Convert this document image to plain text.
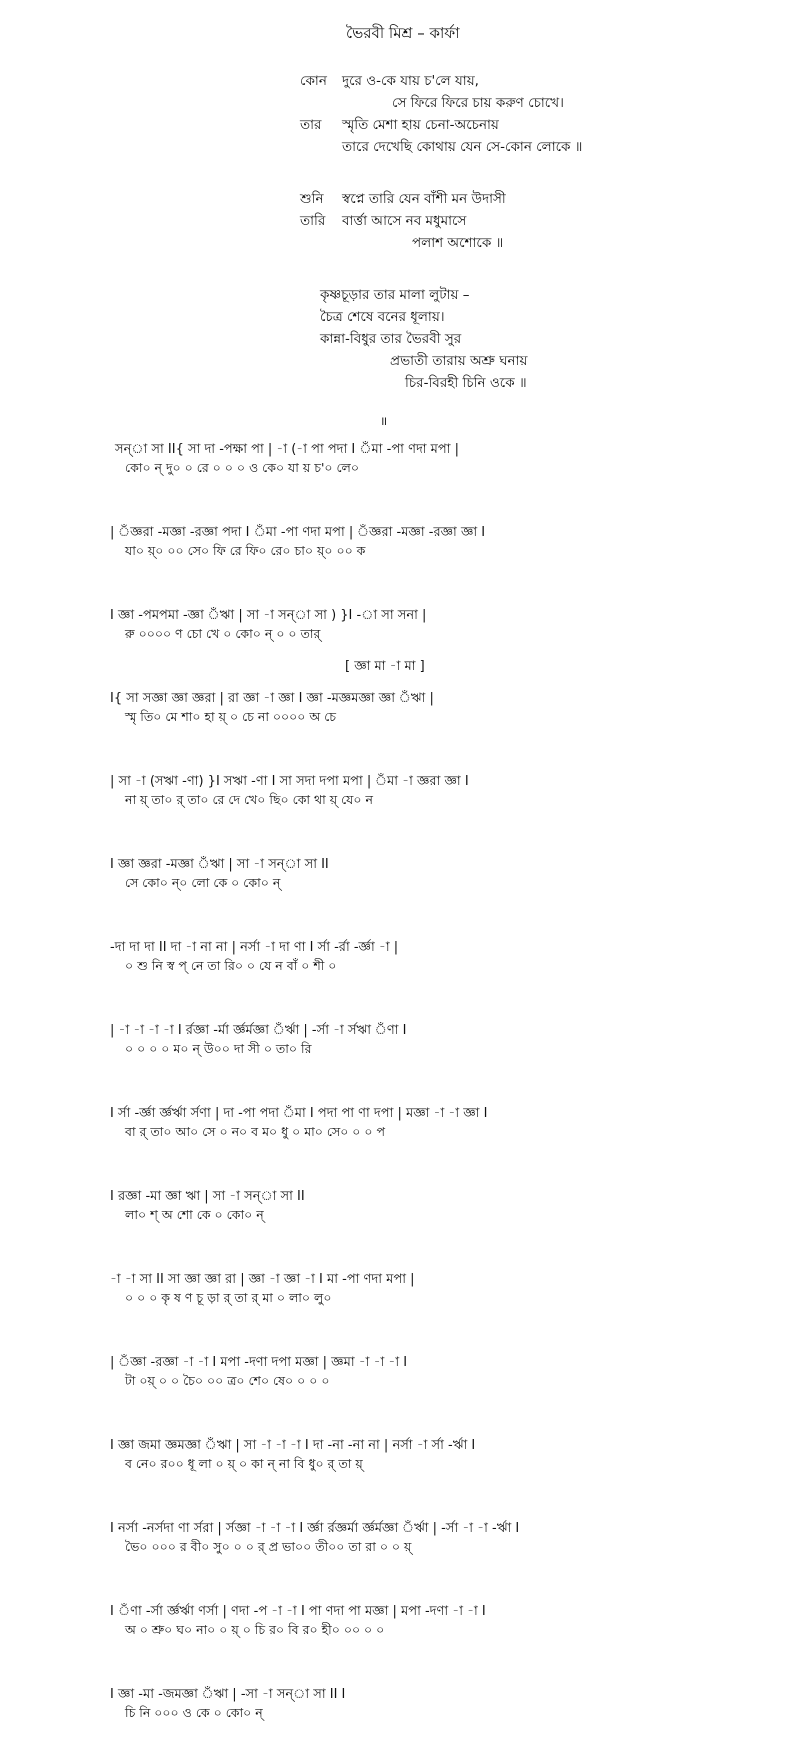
ভৈরবী মিশ্র – কার্ফা
কোন	দুরে ও-কে যায় চ'লে যায়,
সে ফিরে ফিরে চায় করুণ চোখে।
তার	স্মৃতি মেশা হায় চেনা-অচেনায়
তারে দেখেছি কোথায় যেন সে-কোন লোকে ॥
শুনি	স্বপ্নে তারি যেন বাঁশী মন উদাসী
তারি	বার্ত্তা আসে নব মধুমাসে
পলাশ অশোকে ॥
কৃষ্ণচূড়ার তার মালা লুটায় –
চৈত্র শেষে বনের ধূলায়।
কান্না-বিধুর তার ভৈরবী সুর
প্রভাতী তারায় অশ্রু ঘনায়
চির-বিরহী চিনি ওকে ॥
॥
সন্‌া সা II{ সা দা -পক্ষা পা | -া (-া পা পদা I ঁমা -পা ণদা মপা |
কো০ ন্‌ দু০ ০ রে ০ ০ ০ ও কে০ যা য় চ'০ লে০
| ঁজ্ঞরা -মজ্ঞা -রজ্ঞা পদা I ঁমা -পা ণদা মপা | ঁজ্ঞরা -মজ্ঞা -রজ্ঞা জ্ঞা I
যা০ য়্‌০ ০০ সে০ ফি রে ফি০ রে০ চা০ য়্‌০ ০০ ক
I জ্ঞা -পমপমা -জ্ঞা ঁঋা | সা -া সন্‌া সা ) }I -া সা সনা |
রু ০০০০ ণ চো খে ০ কো০ ন্‌ ০ ০ তার্‌
[ জ্ঞা মা -া মা ]
I{ সা সজ্ঞা জ্ঞা জ্ঞরা | রা জ্ঞা -া জ্ঞা I জ্ঞা -মজ্ঞমজ্ঞা জ্ঞা ঁঋা |
স্মৃ তি০ মে শা০ হা য়্‌ ০ চে না ০০০০ অ চে
| সা -া (সঋা -ণা) }I সঋা -ণা I সা সদা দপা মপা | ঁমা -া জ্ঞরা জ্ঞা I
না য়্‌ তা০ র্‌ তা০ রে দে খে০ ছি০ কো থা য়্‌ যে০ ন
I জ্ঞা জ্ঞরা -মজ্ঞা ঁঋা | সা -া সন্‌া সা II
সে কো০ ন্‌০ লো কে ০ কো০ ন্‌
-দা দা দা II দা -া না না | নর্সা -া দা ণা I র্সা -র্রা -র্জ্ঞা -া |
০ শু নি স্ব প্‌ নে তা রি০ ০ যে ন বাঁ ০ শী ০
| -া -া -া -া I র্রজ্ঞা -র্মা র্জ্ঞর্মজ্ঞা ঁর্ঋা | -র্সা -া র্সঋা ঁণা I
০ ০ ০ ০ ম০ ন্‌ উ০০ দা সী ০ তা০ রি
I র্সা -র্জ্ঞা র্জ্ঞর্ঋা র্সণা | দা -পা পদা ঁমা I পদা পা ণা দপা | মজ্ঞা -া -া জ্ঞা I
বা র্‌ তা০ আ০ সে ০ ন০ ব ম০ ধু ০ মা০ সে০ ০ ০ প
I রজ্ঞা -মা জ্ঞা ঋা | সা -া সন্‌া সা II
লা০ শ্‌ অ শো কে ০ কো০ ন্‌
-া -া সা II সা জ্ঞা জ্ঞা রা | জ্ঞা -া জ্ঞা -া I মা -পা ণদা মপা |
০ ০ ০ কৃ ষ ণ চূ ড়া র্‌ তা র্‌ মা ০ লা০ লু০
| ঁজ্ঞা -রজ্ঞা -া -া I মপা -দণা দপা মজ্ঞা | জ্ঞমা -া -া -া I
টা ০য়্‌ ০ ০ চৈ০ ০০ ত্র০ শে০ ষে০ ০ ০ ০
I জ্ঞা জমা জ্ঞমজ্ঞা ঁঋা | সা -া -া -া I দা -না -না না | নর্সা -া র্সা -র্ঋা I
ব নে০ র০০ ধূ লা ০ য়্‌ ০ কা ন্‌ না বি ধু০ র্‌ তা য়্‌
I নর্সা -নর্সদা ণা র্সরা | র্সজ্ঞা -া -া -া I র্জ্ঞা র্রজ্ঞর্মা র্জ্ঞর্মজ্ঞা ঁর্ঋা | -র্সা -া -া -র্ঋা I
ভৈ০ ০০০ র বী০ সু০ ০ ০ র্‌ প্র ভা০০ তী০০ তা রা ০ ০ য়্‌
I ঁণা -র্সা র্জ্ঞর্ঋা ণর্সা | ণদা -প -া -া I পা ণদা পা মজ্ঞা | মপা -দণা -া -া I
অ ০ শ্রু০ ঘ০ না০ ০ য়্‌ ০ চি র০ বি র০ হী০ ০০ ০ ০
I জ্ঞা -মা -জমজ্ঞা ঁঋা | -সা -া সন্‌া সা II I
চি নি ০০০ ও কে ০ কো০ ন্‌
